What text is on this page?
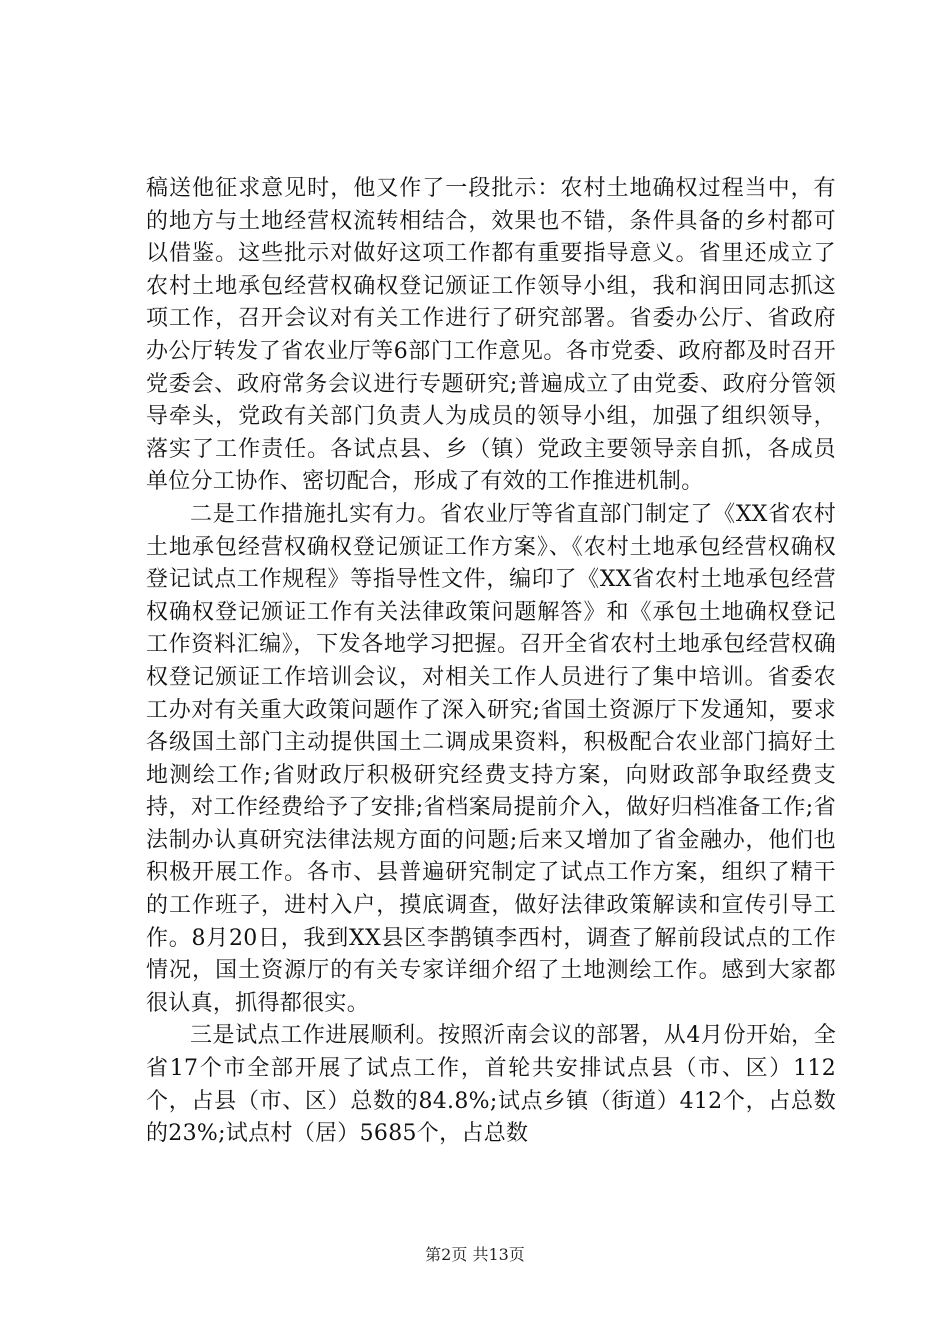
稿送他征求意见时，他又作了一段批示：农村土地确权过程当中，有的地方与土地经营权流转相结合，效果也不错，条件具备的乡村都可以借鉴。这些批示对做好这项工作都有重要指导意义。省里还成立了农村土地承包经营权确权登记颁证工作领导小组，我和润田同志抓这项工作，召开会议对有关工作进行了研究部署。省委办公厅、省政府办公厅转发了省农业厅等6部门工作意见。各市党委、政府都及时召开党委会、政府常务会议进行专题研究;普遍成立了由党委、政府分管领导牵头，党政有关部门负责人为成员的领导小组，加强了组织领导，落实了工作责任。各试点县、乡（镇）党政主要领导亲自抓，各成员单位分工协作、密切配合，形成了有效的工作推进机制。

二是工作措施扎实有力。省农业厅等省直部门制定了《XX省农村土地承包经营权确权登记颁证工作方案》、《农村土地承包经营权确权登记试点工作规程》等指导性文件，编印了《XX省农村土地承包经营权确权登记颁证工作有关法律政策问题解答》和《承包土地确权登记工作资料汇编》，下发各地学习把握。召开全省农村土地承包经营权确权登记颁证工作培训会议，对相关工作人员进行了集中培训。省委农工办对有关重大政策问题作了深入研究;省国土资源厅下发通知，要求各级国土部门主动提供国土二调成果资料，积极配合农业部门搞好土地测绘工作;省财政厅积极研究经费支持方案，向财政部争取经费支持，对工作经费给予了安排;省档案局提前介入，做好归档准备工作;省法制办认真研究法律法规方面的问题;后来又增加了省金融办，他们也积极开展工作。各市、县普遍研究制定了试点工作方案，组织了精干的工作班子，进村入户，摸底调查，做好法律政策解读和宣传引导工作。8月20日，我到XX县区李鹊镇李西村，调查了解前段试点的工作情况，国土资源厅的有关专家详细介绍了土地测绘工作。感到大家都很认真，抓得都很实。

三是试点工作进展顺利。按照沂南会议的部署，从4月份开始，全省17个市全部开展了试点工作，首轮共安排试点县（市、区）112个，占县（市、区）总数的84.8%;试点乡镇（街道）412个，占总数的23%;试点村（居）5685个，占总数

第2页 共13页
